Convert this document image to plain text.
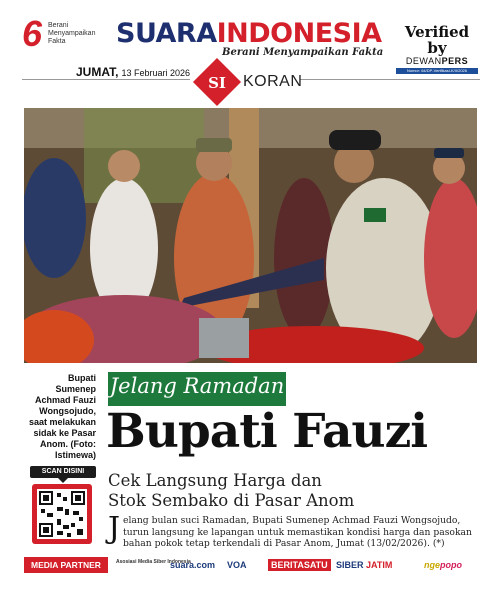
6 Berani Menyampaikan Fakta	SUARAINDONESIA
Berani Menyampaikan Fakta
Verified by
DEWANPERS
Nomor: 64/DP-Verifikasi-K/II/2026
JUMAT, 13 Februari 2026
SI	KORAN
Bupati Sumenep Achmad Fauzi Wongsojudo, saat melakukan sidak ke Pasar Anom. (Foto: Istimewa)
Jelang Ramadan
Bupati Fauzi
Cek Langsung Harga dan
Stok Sembako di Pasar Anom
J elang bulan suci Ramadan, Bupati Sumenep Achmad Fauzi Wongsojudo, turun langsung ke lapangan untuk memastikan kondisi harga dan pasokan bahan pokok tetap terkendali di Pasar Anom, Jumat (13/02/2026). (*)
SCAN DISINI
MEDIA PARTNER	Asosiasi Media Siber Indonesia
suara.com VOA	BERITASATU SIBER JATIM	ngepopo
